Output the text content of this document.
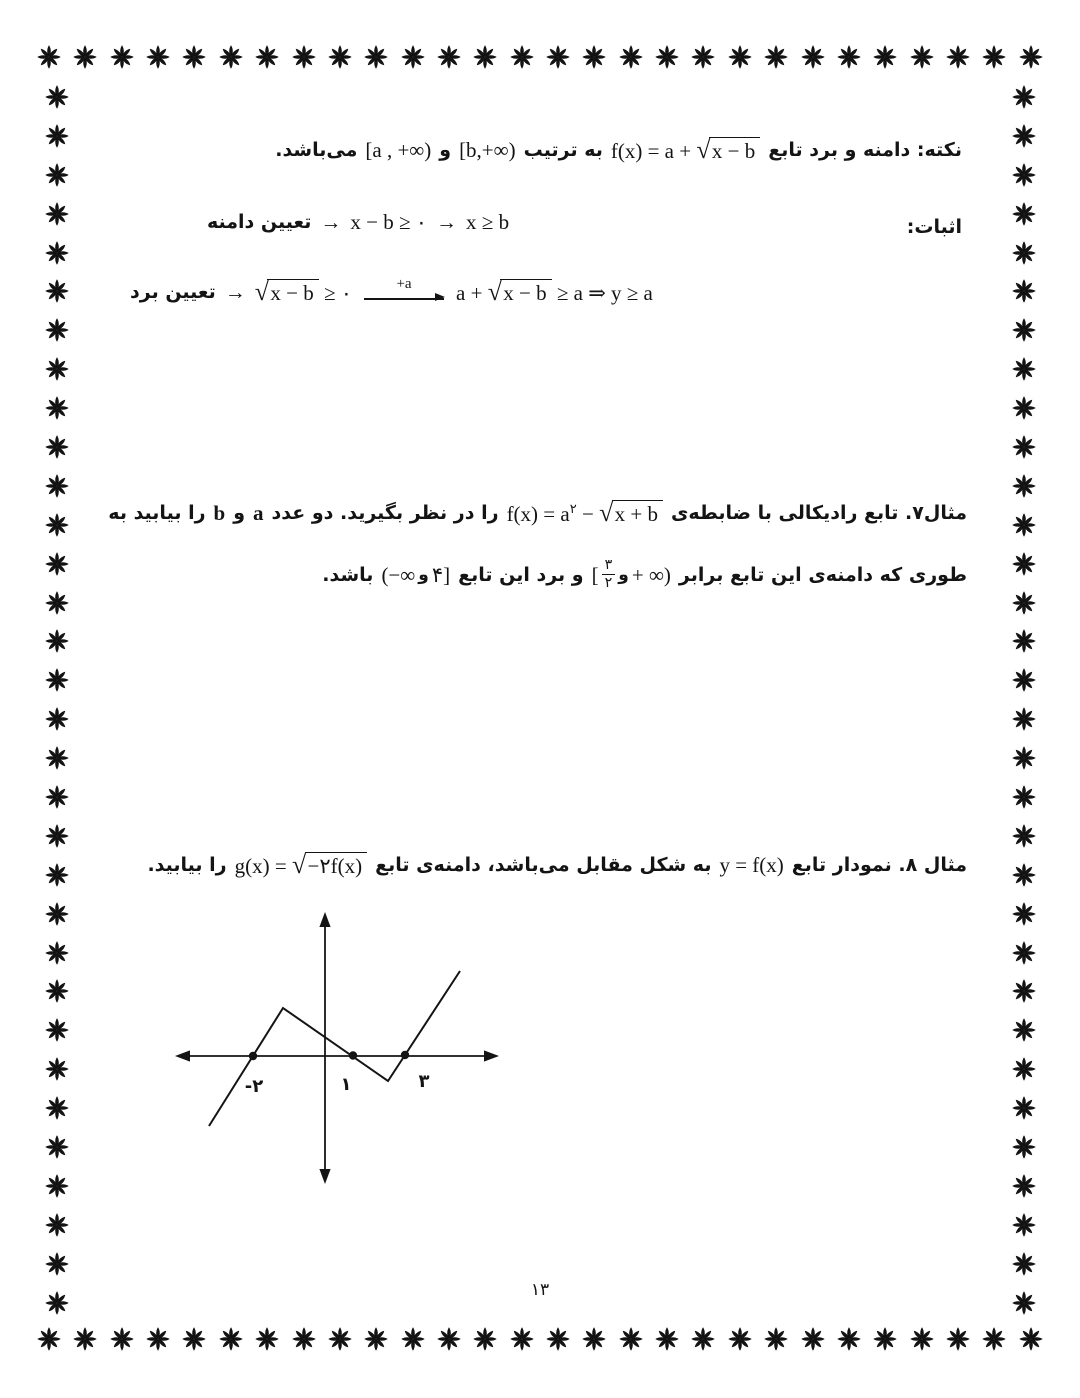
نکته: دامنه و برد تابع
f(x) = a + √ x − b
به ترتیب
[b,+∞)
و
[a , +∞)
می‌باشد.
اثبات:
تعیین دامنه → x − b ≥ ۰ → x ≥ b
تعیین برد → √ x − b ≥ ۰	+a a + √ x − b ≥ a ⇒ y ≥ a
مثال۷. تابع رادیکالی با ضابطه‌ی
$f(x) = a^۲$ − √ x + b
را در نظر بگیرید. دو عدد
a
و
b
را بیابید به
طوری که دامنه‌ی این تابع برابر
[ $\frac{۳}{۲}$ و + ∞)
و برد این تابع
(−∞ و ۴]
باشد.
مثال ۸. نمودار تابع
y = f(x)
به شکل مقابل می‌باشد، دامنه‌ی تابع
g(x) = √ −۲f(x)
را بیابید.
-۲	۱	۳
۱۳
